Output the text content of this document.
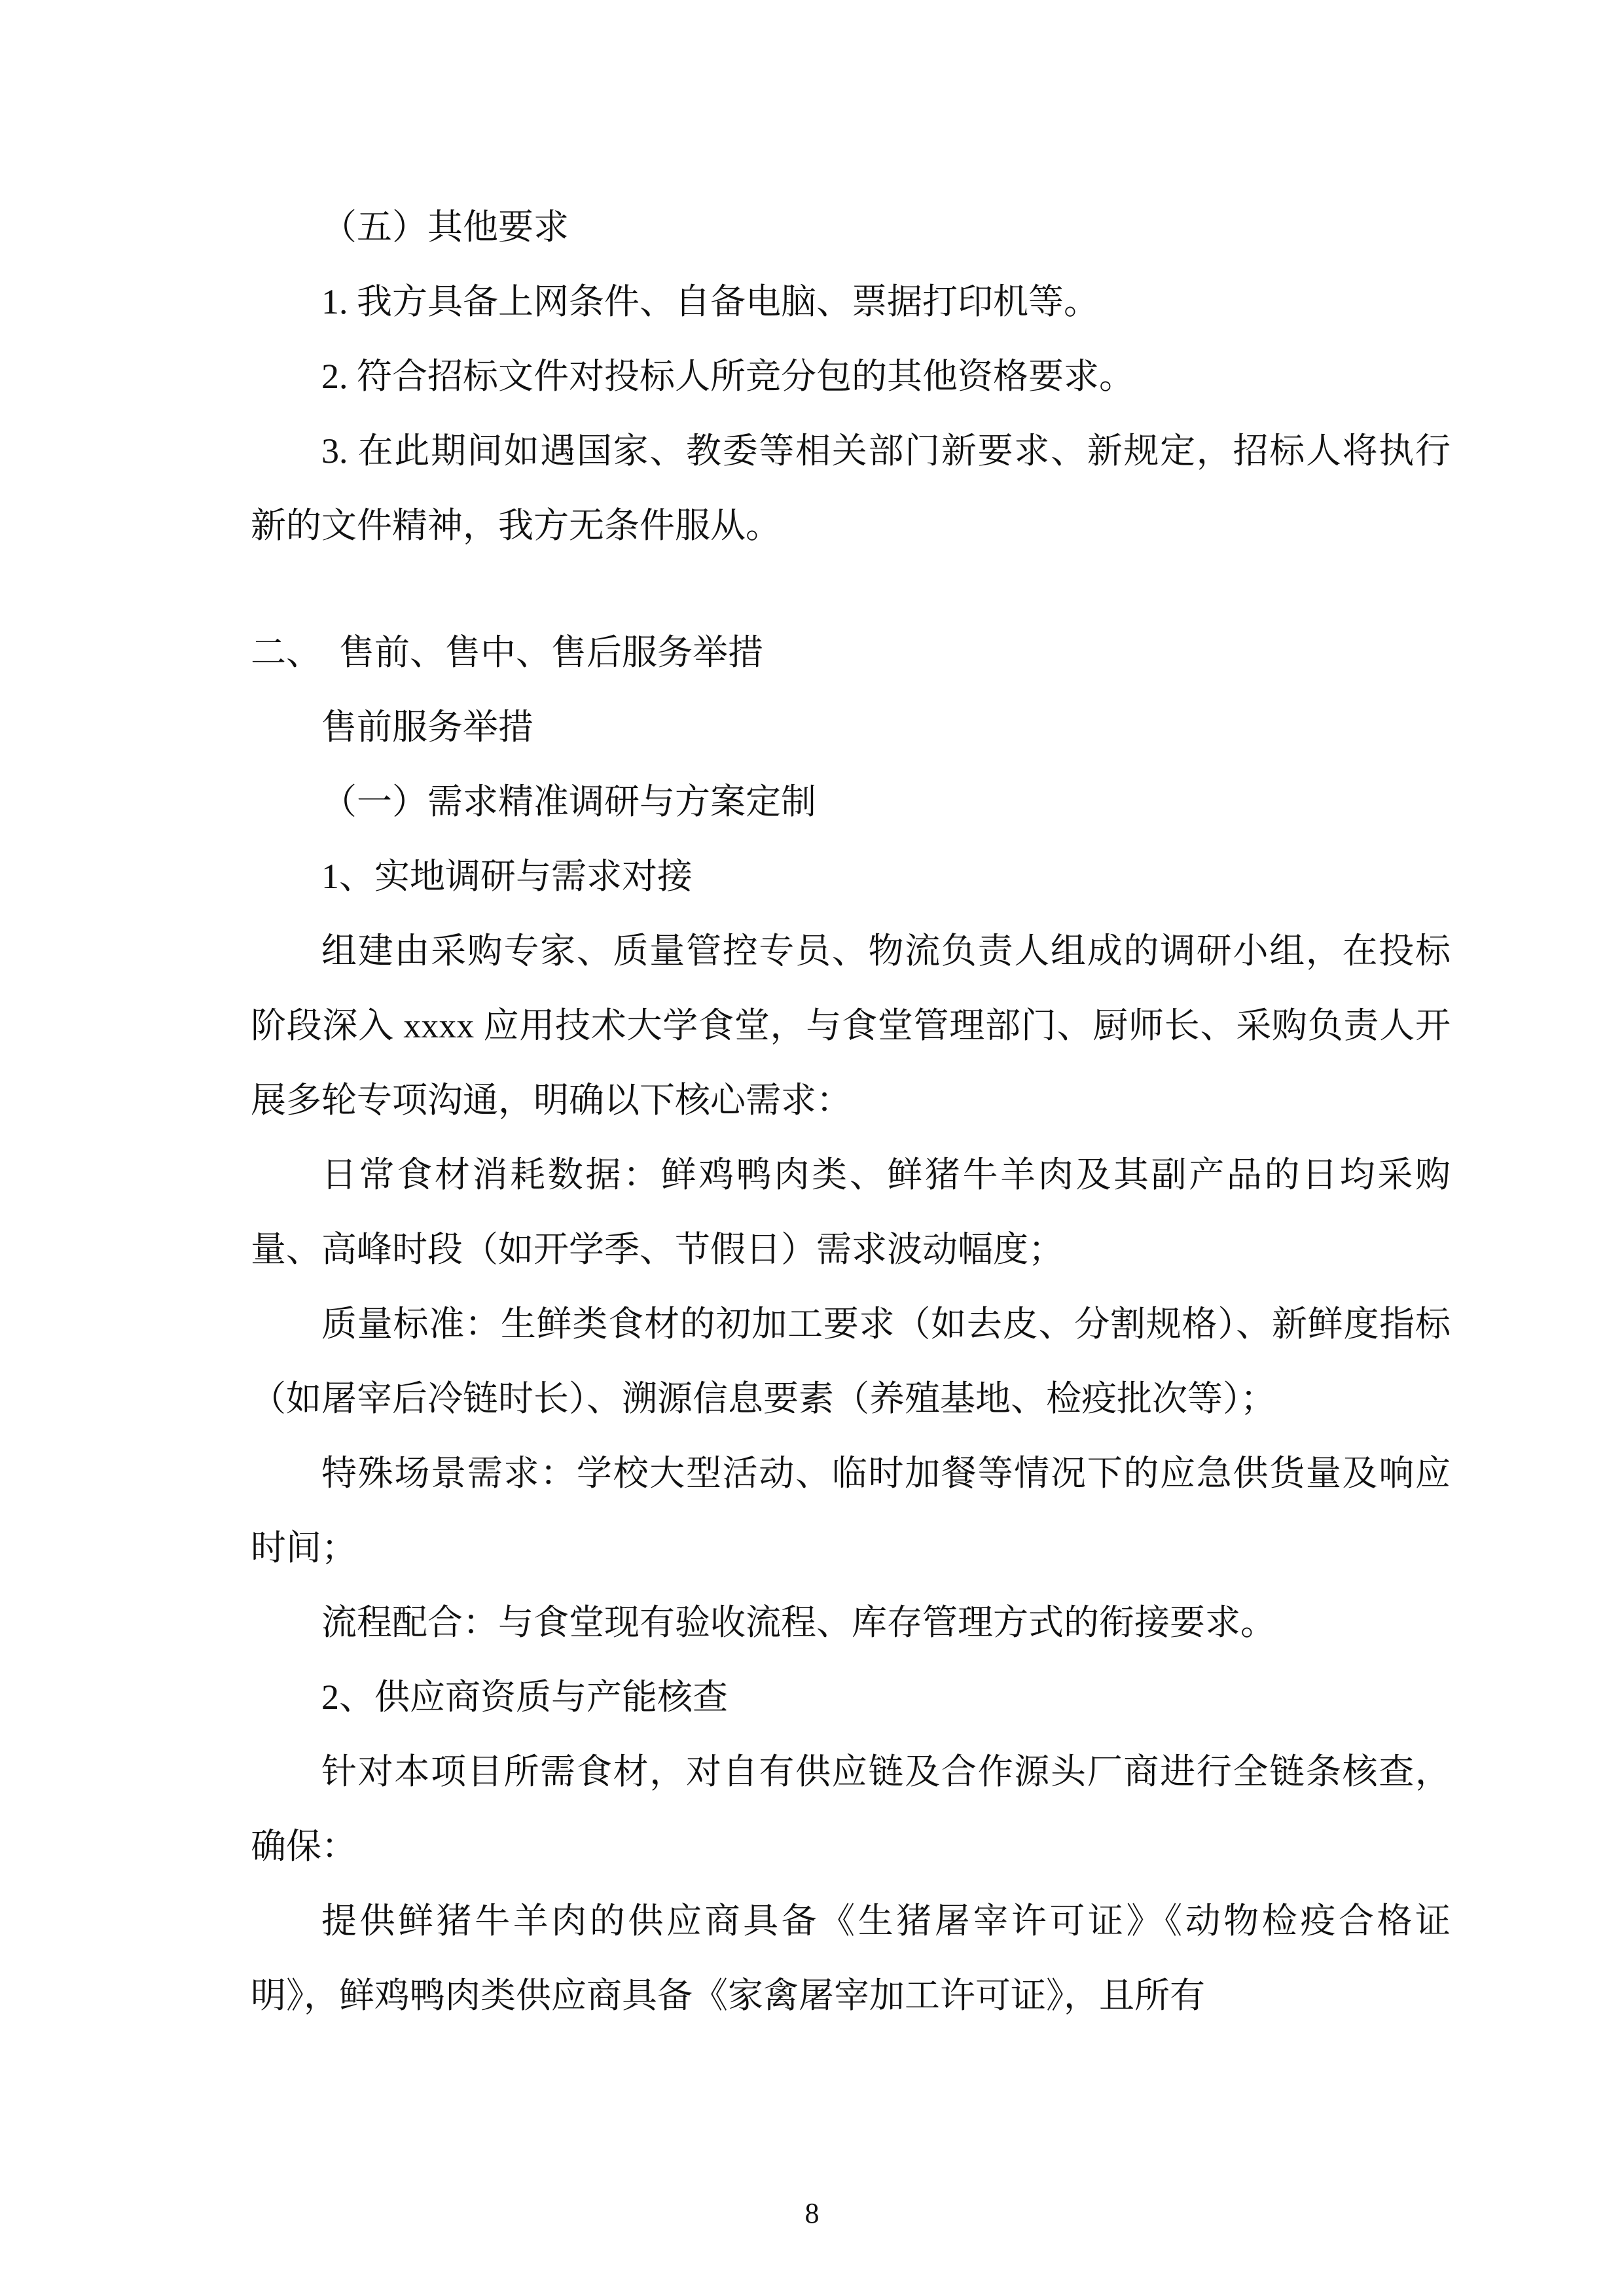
（五）其他要求

1. 我方具备上网条件、自备电脑、票据打印机等。

2. 符合招标文件对投标人所竞分包的其他资格要求。

3. 在此期间如遇国家、教委等相关部门新要求、新规定，招标人将执行新的文件精神，我方无条件服从。

二、　售前、售中、售后服务举措

售前服务举措

（一）需求精准调研与方案定制

1、实地调研与需求对接

组建由采购专家、质量管控专员、物流负责人组成的调研小组，在投标阶段深入 xxxx 应用技术大学食堂，与食堂管理部门、厨师长、采购负责人开展多轮专项沟通，明确以下核心需求：

日常食材消耗数据：鲜鸡鸭肉类、鲜猪牛羊肉及其副产品的日均采购量、高峰时段（如开学季、节假日）需求波动幅度；

质量标准：生鲜类食材的初加工要求（如去皮、分割规格）、新鲜度指标（如屠宰后冷链时长）、溯源信息要素（养殖基地、检疫批次等）；

特殊场景需求：学校大型活动、临时加餐等情况下的应急供货量及响应时间；

流程配合：与食堂现有验收流程、库存管理方式的衔接要求。

2、供应商资质与产能核查

针对本项目所需食材，对自有供应链及合作源头厂商进行全链条核查，确保：

提供鲜猪牛羊肉的供应商具备《生猪屠宰许可证》《动物检疫合格证明》，鲜鸡鸭肉类供应商具备《家禽屠宰加工许可证》，且所有

8
